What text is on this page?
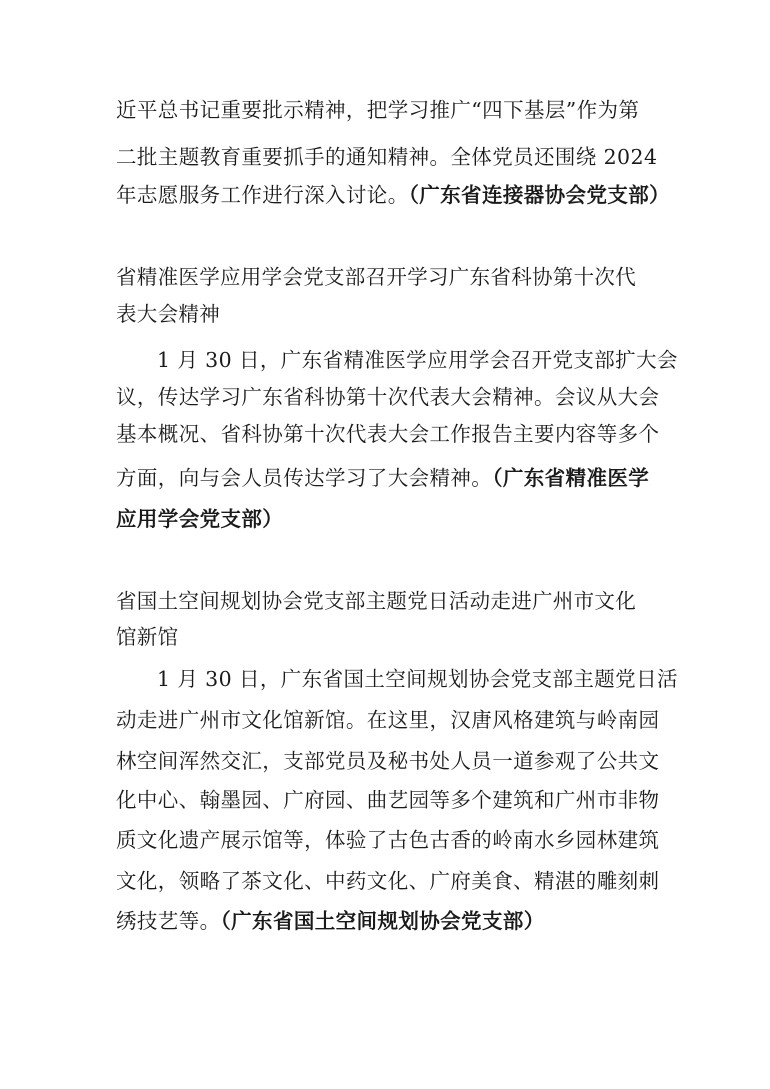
近平总书记重要批示精神，把学习推广“四下基层”作为第
二批主题教育重要抓手的通知精神。全体党员还围绕 2024
年志愿服务工作进行深入讨论。（广东省连接器协会党支部）
省精准医学应用学会党支部召开学习广东省科协第十次代
表大会精神
1 月 30 日，广东省精准医学应用学会召开党支部扩大会
议，传达学习广东省科协第十次代表大会精神。会议从大会
基本概况、省科协第十次代表大会工作报告主要内容等多个
方面，向与会人员传达学习了大会精神。（广东省精准医学
应用学会党支部）
省国土空间规划协会党支部主题党日活动走进广州市文化
馆新馆
1 月 30 日，广东省国土空间规划协会党支部主题党日活
动走进广州市文化馆新馆。在这里，汉唐风格建筑与岭南园
林空间浑然交汇，支部党员及秘书处人员一道参观了公共文
化中心、翰墨园、广府园、曲艺园等多个建筑和广州市非物
质文化遗产展示馆等，体验了古色古香的岭南水乡园林建筑
文化，领略了茶文化、中药文化、广府美食、精湛的雕刻刺
绣技艺等。（广东省国土空间规划协会党支部）
